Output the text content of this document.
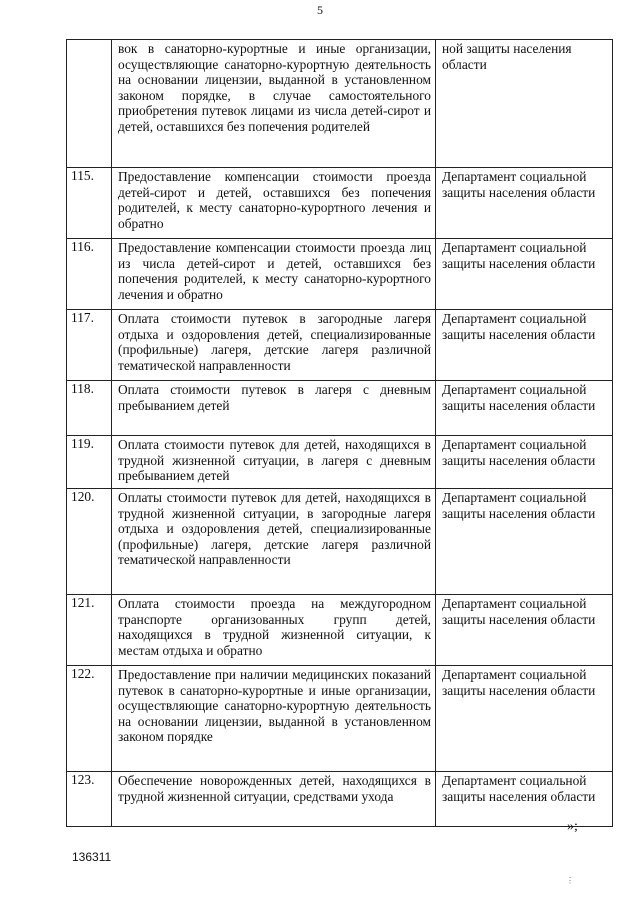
5
	вок в санаторно-курортные и иные организации, осуществляющие санаторно-курортную деятельность на основании лицензии, выданной в установленном законом порядке, в случае самостоятельного приобретения путевок лицами из числа детей-сирот и детей, оставшихся без попечения родителей	ной защиты населения области
115.	Предоставление компенсации стоимости проезда детей-сирот и детей, оставшихся без попечения родителей, к месту санаторно-курортного лечения и обратно	Департамент социальной защиты населения области
116.	Предоставление компенсации стоимости проезда лиц из числа детей-сирот и детей, оставшихся без попечения родителей, к месту санаторно-курортного лечения и обратно	Департамент социальной защиты населения области
117.	Оплата стоимости путевок в загородные лагеря отдыха и оздоровления детей, специализированные (профильные) лагеря, детские лагеря различной тематической направленности	Департамент социальной защиты населения области
118.	Оплата стоимости путевок в лагеря с дневным пребыванием детей	Департамент социальной защиты населения области
119.	Оплата стоимости путевок для детей, находящихся в трудной жизненной ситуации, в лагеря с дневным пребыванием детей	Департамент социальной защиты населения области
120.	Оплаты стоимости путевок для детей, находящихся в трудной жизненной ситуации, в загородные лагеря отдыха и оздоровления детей, специализированные (профильные) лагеря, детские лагеря различной тематической направленности	Департамент социальной защиты населения области
121.	Оплата стоимости проезда на междугородном транспорте организованных групп детей, находящихся в трудной жизненной ситуации, к местам отдыха и обратно	Департамент социальной защиты населения области
122.	Предоставление при наличии медицинских показаний путевок в санаторно-курортные и иные организации, осуществляющие санаторно-курортную деятельность на основании лицензии, выданной в установленном законом порядке	Департамент социальной защиты населения области
123.	Обеспечение новорожденных детей, находящихся в трудной жизненной ситуации, средствами ухода	Департамент социальной защиты населения области
»;
136311
⋮
